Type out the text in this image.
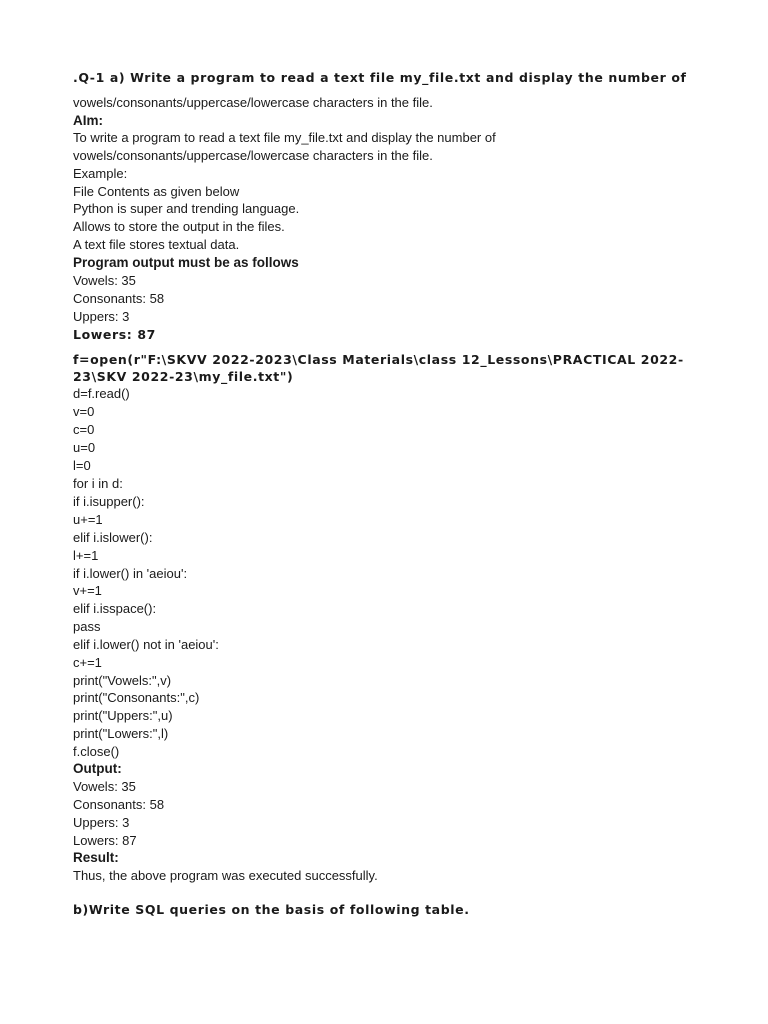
.Q-1 a) Write a program to read a text file my_file.txt and display the number of
vowels/consonants/uppercase/lowercase characters in the file.
AIm:
To write a program to read a text file my_file.txt and display the number of
vowels/consonants/uppercase/lowercase characters in the file.
Example:
File Contents as given below
Python is super and trending language.
Allows to store the output in the files.
A text file stores textual data.
Program output must be as follows
Vowels: 35
Consonants: 58
Uppers: 3
Lowers: 87
f=open(r"F:\SKVV 2022-2023\Class Materials\class 12_Lessons\PRACTICAL 2022-
23\SKV 2022-23\my_file.txt")
d=f.read()
v=0
c=0
u=0
l=0
for i in d:
if i.isupper():
u+=1
elif i.islower():
l+=1
if i.lower() in 'aeiou':
v+=1
elif i.isspace():
pass
elif i.lower() not in 'aeiou':
c+=1
print("Vowels:",v)
print("Consonants:",c)
print("Uppers:",u)
print("Lowers:",l)
f.close()
Output:
Vowels: 35
Consonants: 58
Uppers: 3
Lowers: 87
Result:
Thus, the above program was executed successfully.
b)Write SQL queries on the basis of following table.
